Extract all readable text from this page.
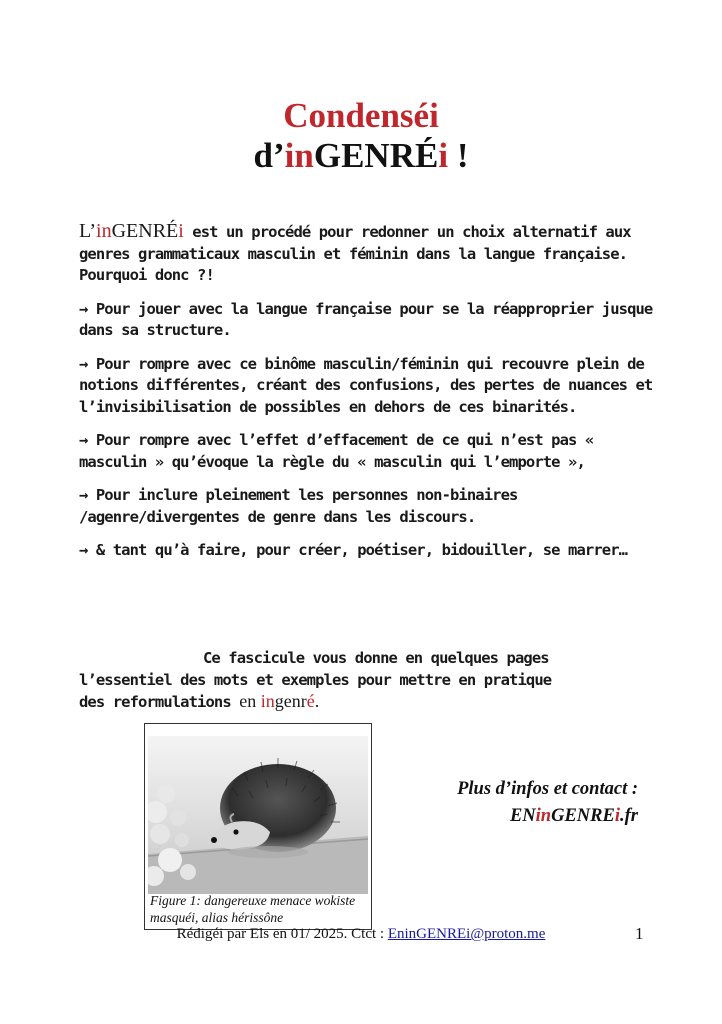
Condenséi
d’inGENRÉi !

L’inGENRÉi est un procédé pour redonner un choix alternatif aux genres grammaticaux masculin et féminin dans la langue française. Pourquoi donc ?!

→ Pour jouer avec la langue française pour se la réapproprier jusque dans sa structure.

→ Pour rompre avec ce binôme masculin/féminin qui recouvre plein de notions différentes, créant des confusions, des pertes de nuances et l’invisibilisation de possibles en dehors de ces binarités.

→ Pour rompre avec l’effet d’effacement de ce qui n’est pas « masculin » qu’évoque la règle du « masculin qui l’emporte »,

→ Pour inclure pleinement les personnes non-binaires /agenre/divergentes de genre dans les discours.

→ & tant qu’à faire, pour créer, poétiser, bidouiller, se marrer…

Ce fascicule vous donne en quelques pages
l’essentiel des mots et exemples pour mettre en pratique
des reformulations en ingenré.
Figure 1: dangereuxe menace wokiste masquéi, alias hérissône
Plus d’infos et contact :
ENinGENREi.fr
Rédigéi par Els en 01/ 2025. Ctct : EninGENREi@proton.me	1
